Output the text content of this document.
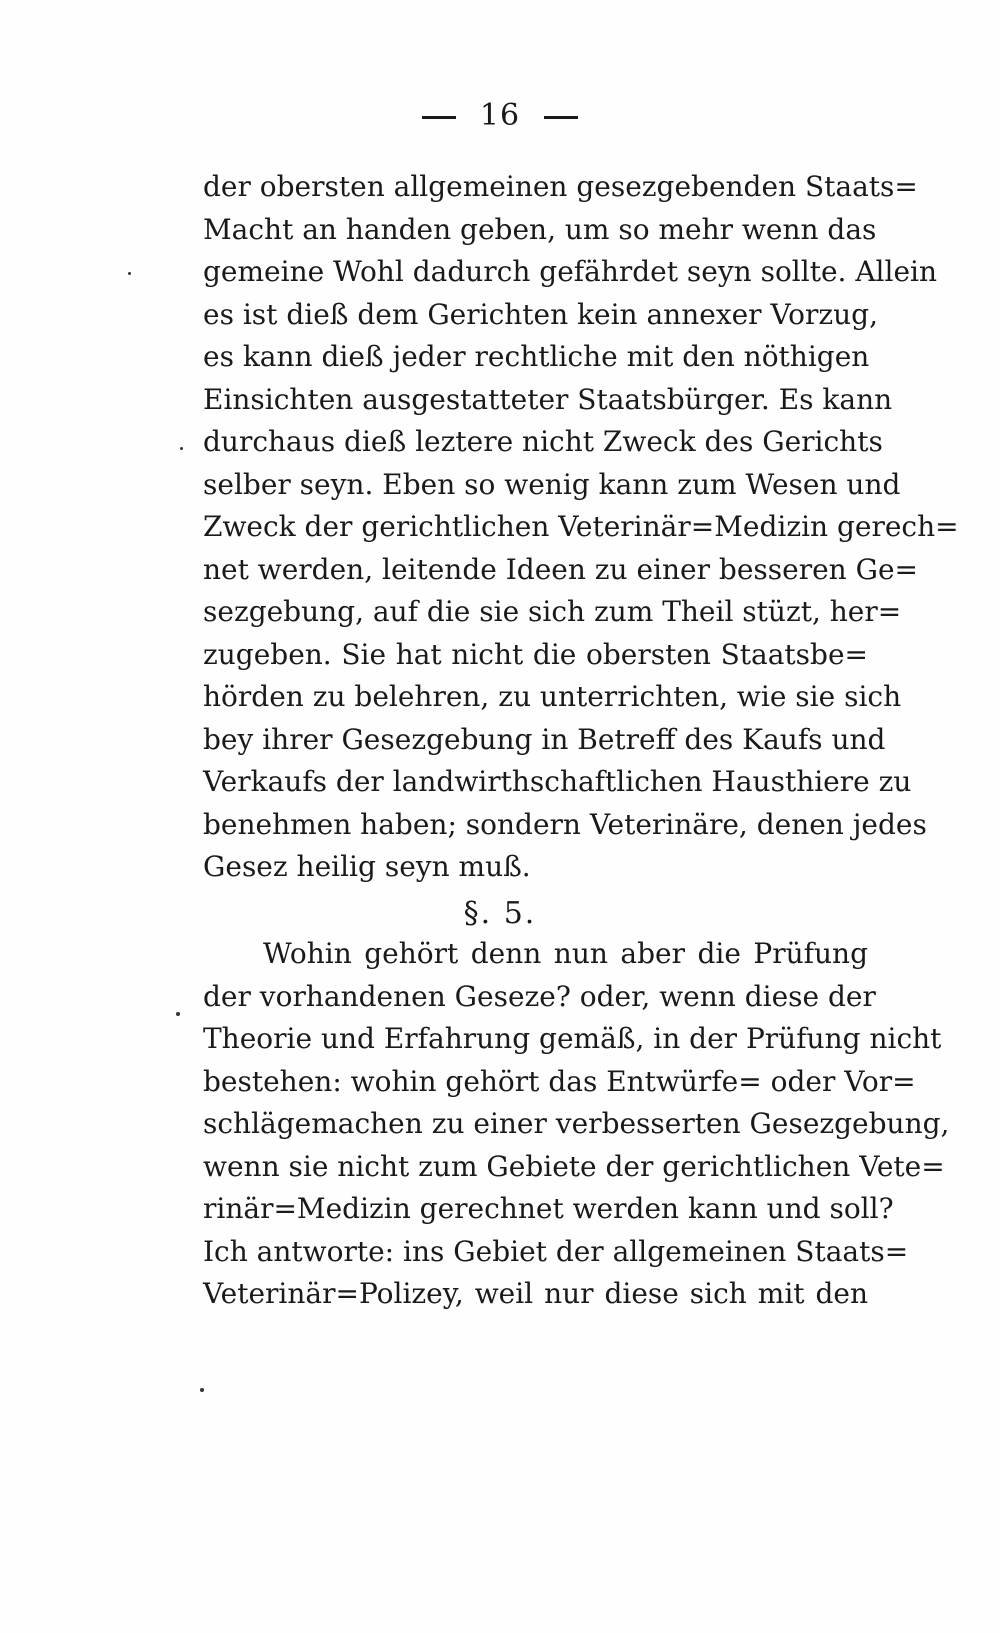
16
der obersten allgemeinen gesezgebenden Staats=
Macht an handen geben, um so mehr wenn das
gemeine Wohl dadurch gefährdet seyn sollte. Allein
es ist dieß dem Gerichten kein annexer Vorzug,
es kann dieß jeder rechtliche mit den nöthigen
Einsichten ausgestatteter Staatsbürger. Es kann
durchaus dieß leztere nicht Zweck des Gerichts
selber seyn. Eben so wenig kann zum Wesen und
Zweck der gerichtlichen Veterinär=Medizin gerech=
net werden, leitende Ideen zu einer besseren Ge=
sezgebung, auf die sie sich zum Theil stüzt, her=
zugeben. Sie hat nicht die obersten Staatsbe=
hörden zu belehren, zu unterrichten, wie sie sich
bey ihrer Gesezgebung in Betreff des Kaufs und
Verkaufs der landwirthschaftlichen Hausthiere zu
benehmen haben; sondern Veterinäre, denen jedes
Gesez heilig seyn muß.
§. 5.
Wohin gehört denn nun aber die Prüfung
der vorhandenen Geseze? oder, wenn diese der
Theorie und Erfahrung gemäß, in der Prüfung nicht
bestehen: wohin gehört das Entwürfe= oder Vor=
schlägemachen zu einer verbesserten Gesezgebung,
wenn sie nicht zum Gebiete der gerichtlichen Vete=
rinär=Medizin gerechnet werden kann und soll?
Ich antworte: ins Gebiet der allgemeinen Staats=
Veterinär=Polizey, weil nur diese sich mit den
